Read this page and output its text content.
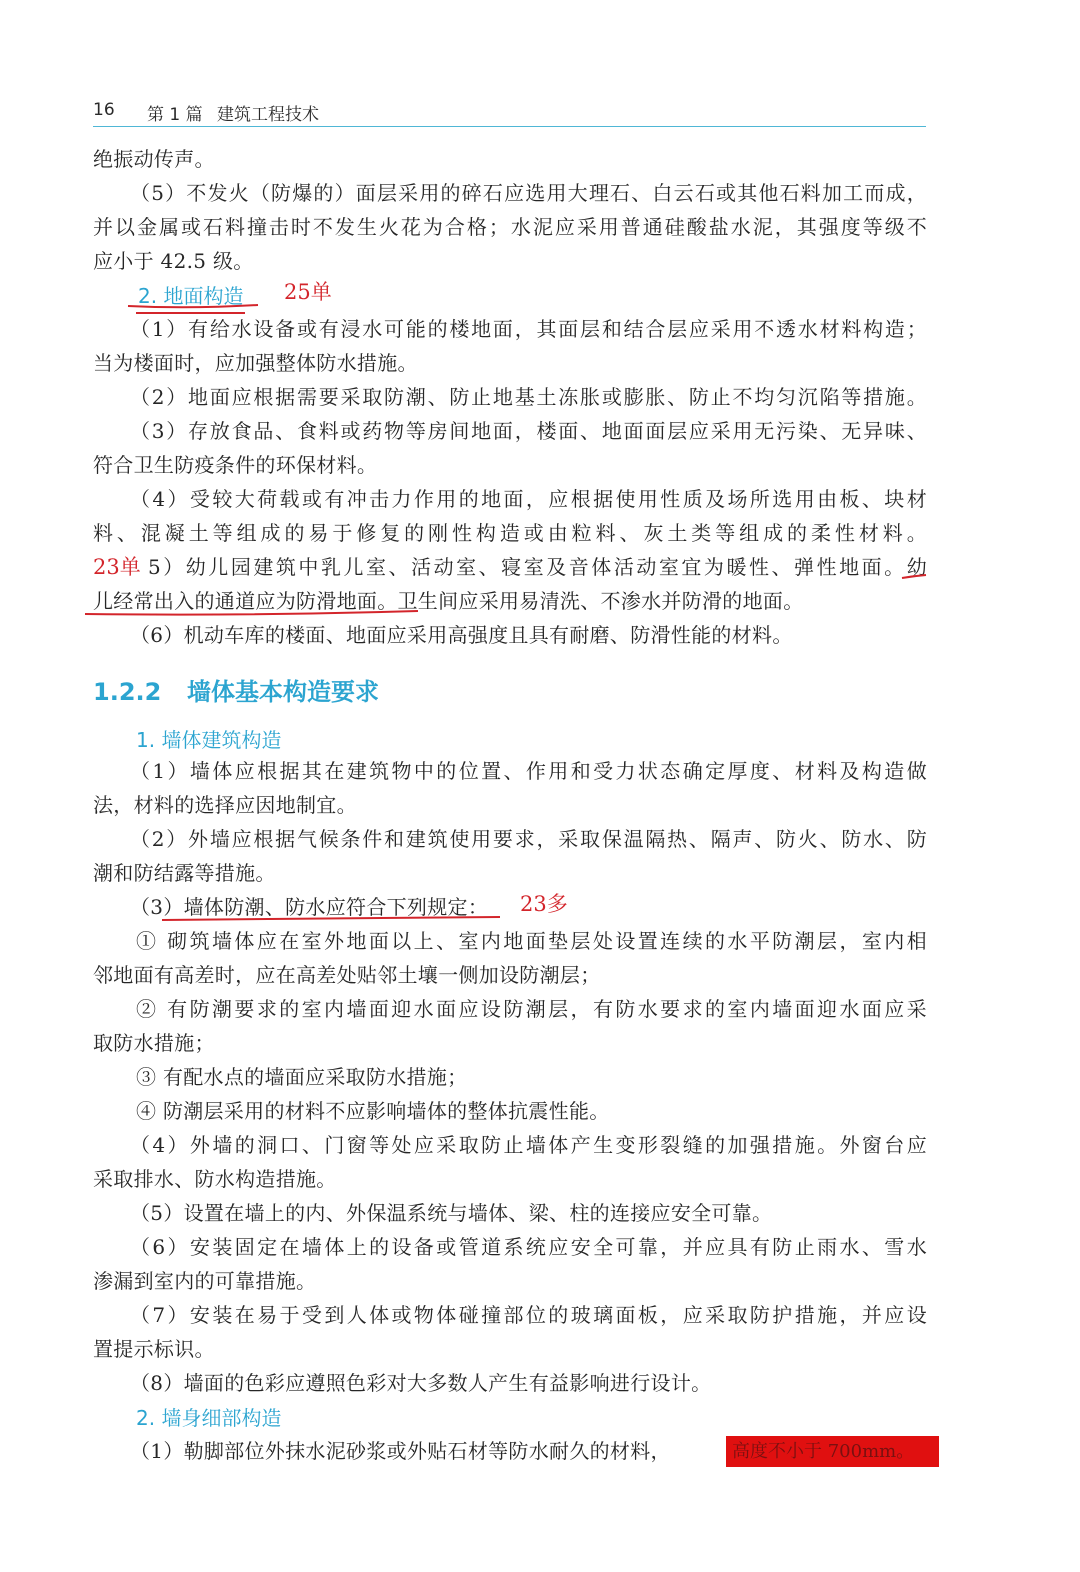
16 第 1 篇 建筑工程技术
绝振动传声。
（5）不发火（防爆的）面层采用的碎石应选用大理石、白云石或其他石料加工而成，
并以金属或石料撞击时不发生火花为合格；水泥应采用普通硅酸盐水泥，其强度等级不
应小于 42.5 级。
2. 地面构造 25单
（1）有给水设备或有浸水可能的楼地面，其面层和结合层应采用不透水材料构造；
当为楼面时，应加强整体防水措施。
（2）地面应根据需要采取防潮、防止地基土冻胀或膨胀、防止不均匀沉陷等措施。
（3）存放食品、食料或药物等房间地面，楼面、地面面层应采用无污染、无异味、
符合卫生防疫条件的环保材料。
（4）受较大荷载或有冲击力作用的地面，应根据使用性质及场所选用由板、块材
料、混凝土等组成的易于修复的刚性构造或由粒料、灰土类等组成的柔性材料。
23单 5）幼儿园建筑中乳儿室、活动室、寝室及音体活动室宜为暖性、弹性地面。幼
儿经常出入的通道应为防滑地面。卫生间应采用易清洗、不渗水并防滑的地面。
（6）机动车库的楼面、地面应采用高强度且具有耐磨、防滑性能的材料。
1.2.2 墙体基本构造要求
1. 墙体建筑构造
（1）墙体应根据其在建筑物中的位置、作用和受力状态确定厚度、材料及构造做
法，材料的选择应因地制宜。
（2）外墙应根据气候条件和建筑使用要求，采取保温隔热、隔声、防火、防水、防
潮和防结露等措施。
（3）墙体防潮、防水应符合下列规定： 23多
① 砌筑墙体应在室外地面以上、室内地面垫层处设置连续的水平防潮层，室内相
邻地面有高差时，应在高差处贴邻土壤一侧加设防潮层；
② 有防潮要求的室内墙面迎水面应设防潮层，有防水要求的室内墙面迎水面应采
取防水措施；
③ 有配水点的墙面应采取防水措施；
④ 防潮层采用的材料不应影响墙体的整体抗震性能。
（4）外墙的洞口、门窗等处应采取防止墙体产生变形裂缝的加强措施。外窗台应
采取排水、防水构造措施。
（5）设置在墙上的内、外保温系统与墙体、梁、柱的连接应安全可靠。
（6）安装固定在墙体上的设备或管道系统应安全可靠，并应具有防止雨水、雪水
渗漏到室内的可靠措施。
（7）安装在易于受到人体或物体碰撞部位的玻璃面板，应采取防护措施，并应设
置提示标识。
（8）墙面的色彩应遵照色彩对大多数人产生有益影响进行设计。
2. 墙身细部构造
（1）勒脚部位外抹水泥砂浆或外贴石材等防水耐久的材料，	高度不小于 700mm。
